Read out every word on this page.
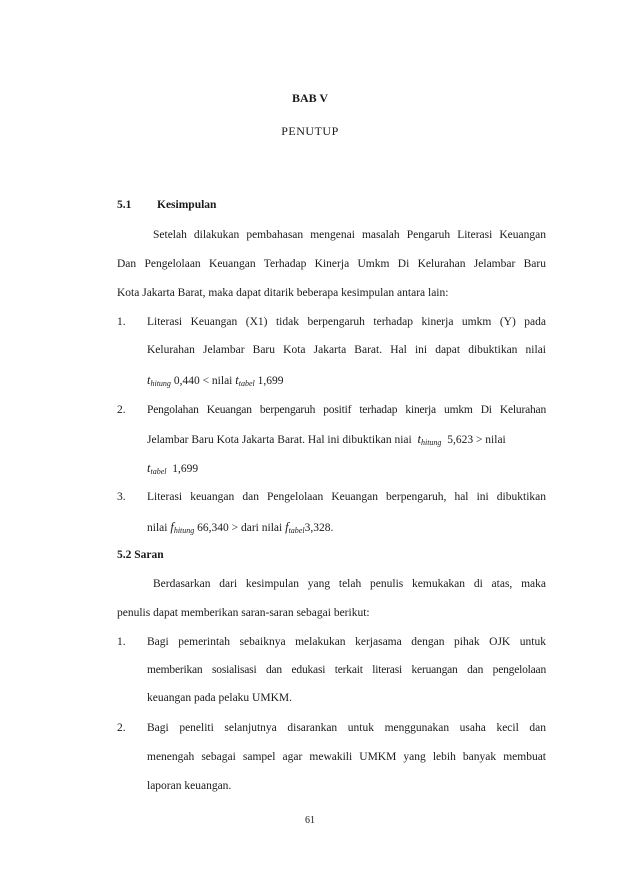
BAB V
PENUTUP
5.1 Kesimpulan
Setelah dilakukan pembahasan mengenai masalah Pengaruh Literasi Keuangan
Dan Pengelolaan Keuangan Terhadap Kinerja Umkm Di Kelurahan Jelambar Baru
Kota Jakarta Barat, maka dapat ditarik beberapa kesimpulan antara lain:
1. Literasi Keuangan (X1) tidak berpengaruh terhadap kinerja umkm (Y) pada
Kelurahan Jelambar Baru Kota Jakarta Barat. Hal ini dapat dibuktikan nilai
$t_{hitung}$ 0,440 < nilai $t_{tabel}$ 1,699
2. Pengolahan Keuangan berpengaruh positif terhadap kinerja umkm Di Kelurahan
Jelambar Baru Kota Jakarta Barat. Hal ini dibuktikan niai $t_{hitung}$ 5,623 > nilai
$t_{tabel}$ 1,699
3. Literasi keuangan dan Pengelolaan Keuangan berpengaruh, hal ini dibuktikan
nilai $f_{hitung}$ 66,340 > dari nilai $f_{tabel}3,328$.
5.2 Saran
Berdasarkan dari kesimpulan yang telah penulis kemukakan di atas, maka
penulis dapat memberikan saran-saran sebagai berikut:
1. Bagi pemerintah sebaiknya melakukan kerjasama dengan pihak OJK untuk
memberikan sosialisasi dan edukasi terkait literasi keruangan dan pengelolaan
keuangan pada pelaku UMKM.
2. Bagi peneliti selanjutnya disarankan untuk menggunakan usaha kecil dan
menengah sebagai sampel agar mewakili UMKM yang lebih banyak membuat
laporan keuangan.
61
